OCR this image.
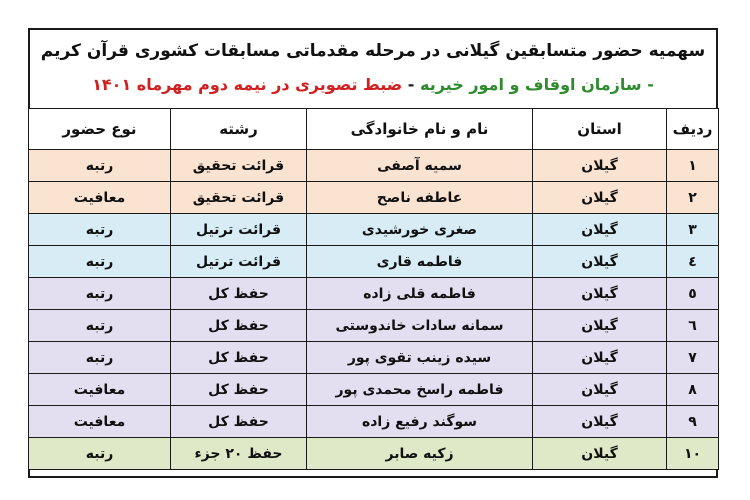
سهمیه حضور متسابقین گیلانی در مرحله مقدماتی مسابقات کشوری قرآن کریم
- سازمان اوقاف و امور خیریه - ضبط تصویری در نیمه دوم مهرماه ۱۴۰۱
ردیف	استان	نام و نام خانوادگی	رشته	نوع حضور
۱	گیلان	سمیه آصفی	قرائت تحقیق	رتبه
۲	گیلان	عاطفه ناصح	قرائت تحقیق	معافیت
۳	گیلان	صغری خورشیدی	قرائت ترتیل	رتبه
٤	گیلان	فاطمه قاری	قرائت ترتیل	رتبه
٥	گیلان	فاطمه قلی زاده	حفظ کل	رتبه
٦	گیلان	سمانه سادات خاندوستی	حفظ کل	رتبه
۷	گیلان	سیده زینب تقوی پور	حفظ کل	رتبه
۸	گیلان	فاطمه راسخ محمدی پور	حفظ کل	معافیت
۹	گیلان	سوگند رفیع زاده	حفظ کل	معافیت
۱۰	گیلان	زکیه صابر	حفظ ۲۰ جزء	رتبه
